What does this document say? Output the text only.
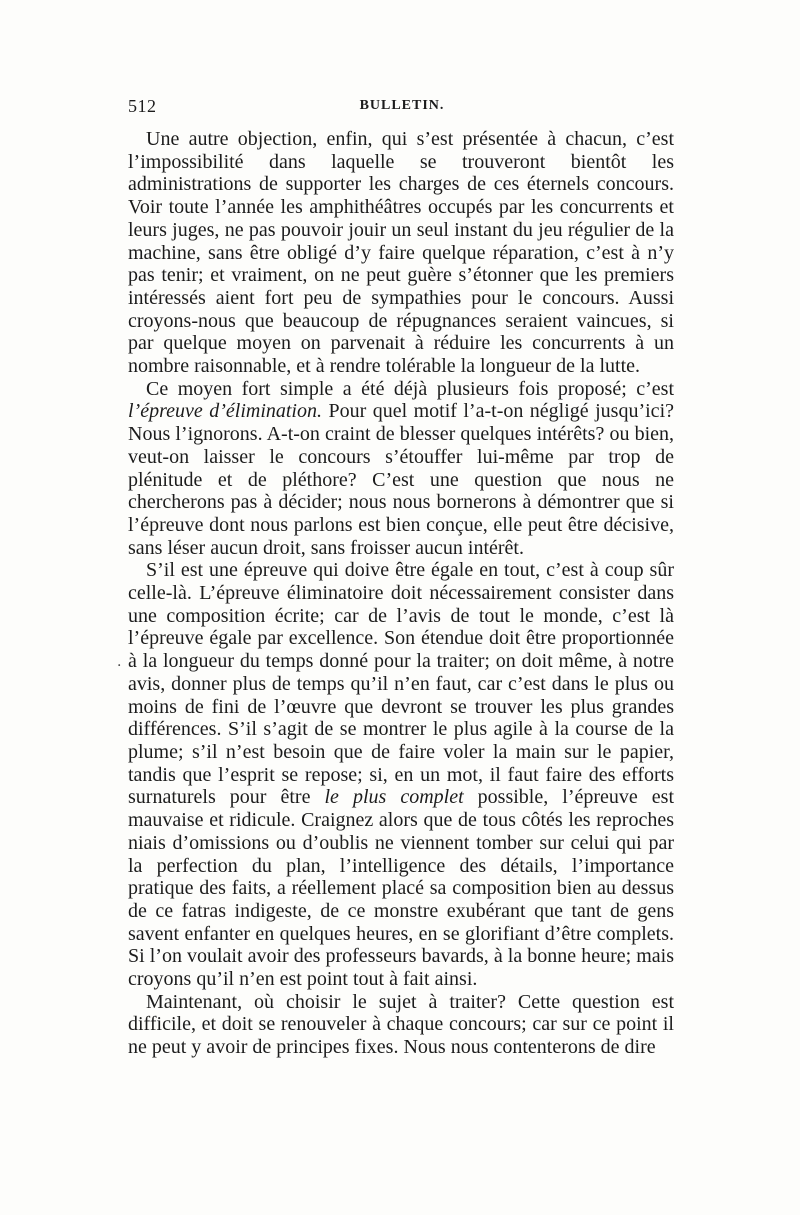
512	BULLETIN.
·

Une autre objection, enfin, qui s’est présentée à chacun, c’est l’impossibilité dans laquelle se trouveront bientôt les administrations de supporter les charges de ces éternels concours. Voir toute l’année les amphithéâtres occupés par les concurrents et leurs juges, ne pas pouvoir jouir un seul instant du jeu régulier de la machine, sans être obligé d’y faire quelque réparation, c’est à n’y pas tenir; et vraiment, on ne peut guère s’étonner que les premiers intéressés aient fort peu de sympathies pour le concours. Aussi croyons-nous que beaucoup de répugnances seraient vaincues, si par quelque moyen on parvenait à réduire les concurrents à un nombre raisonnable, et à rendre tolérable la longueur de la lutte.

Ce moyen fort simple a été déjà plusieurs fois proposé; c’est l’épreuve d’élimination. Pour quel motif l’a-t-on négligé jusqu’ici? Nous l’ignorons. A-t-on craint de blesser quelques intérêts? ou bien, veut-on laisser le concours s’étouffer lui-même par trop de plénitude et de pléthore? C’est une question que nous ne chercherons pas à décider; nous nous bornerons à démontrer que si l’épreuve dont nous parlons est bien conçue, elle peut être décisive, sans léser aucun droit, sans froisser aucun intérêt.

S’il est une épreuve qui doive être égale en tout, c’est à coup sûr celle-là. L’épreuve éliminatoire doit nécessairement consister dans une composition écrite; car de l’avis de tout le monde, c’est là l’épreuve égale par excellence. Son étendue doit être proportionnée à la longueur du temps donné pour la traiter; on doit même, à notre avis, donner plus de temps qu’il n’en faut, car c’est dans le plus ou moins de fini de l’œuvre que devront se trouver les plus grandes différences. S’il s’agit de se montrer le plus agile à la course de la plume; s’il n’est besoin que de faire voler la main sur le papier, tandis que l’esprit se repose; si, en un mot, il faut faire des efforts surnaturels pour être le plus complet possible, l’épreuve est mauvaise et ridicule. Craignez alors que de tous côtés les reproches niais d’omissions ou d’oublis ne viennent tomber sur celui qui par la perfection du plan, l’intelligence des détails, l’importance pratique des faits, a réellement placé sa composition bien au dessus de ce fatras indigeste, de ce monstre exubérant que tant de gens savent enfanter en quelques heures, en se glorifiant d’être complets. Si l’on voulait avoir des professeurs bavards, à la bonne heure; mais croyons qu’il n’en est point tout à fait ainsi.

Maintenant, où choisir le sujet à traiter? Cette question est difficile, et doit se renouveler à chaque concours; car sur ce point il ne peut y avoir de principes fixes. Nous nous contenterons de dire
